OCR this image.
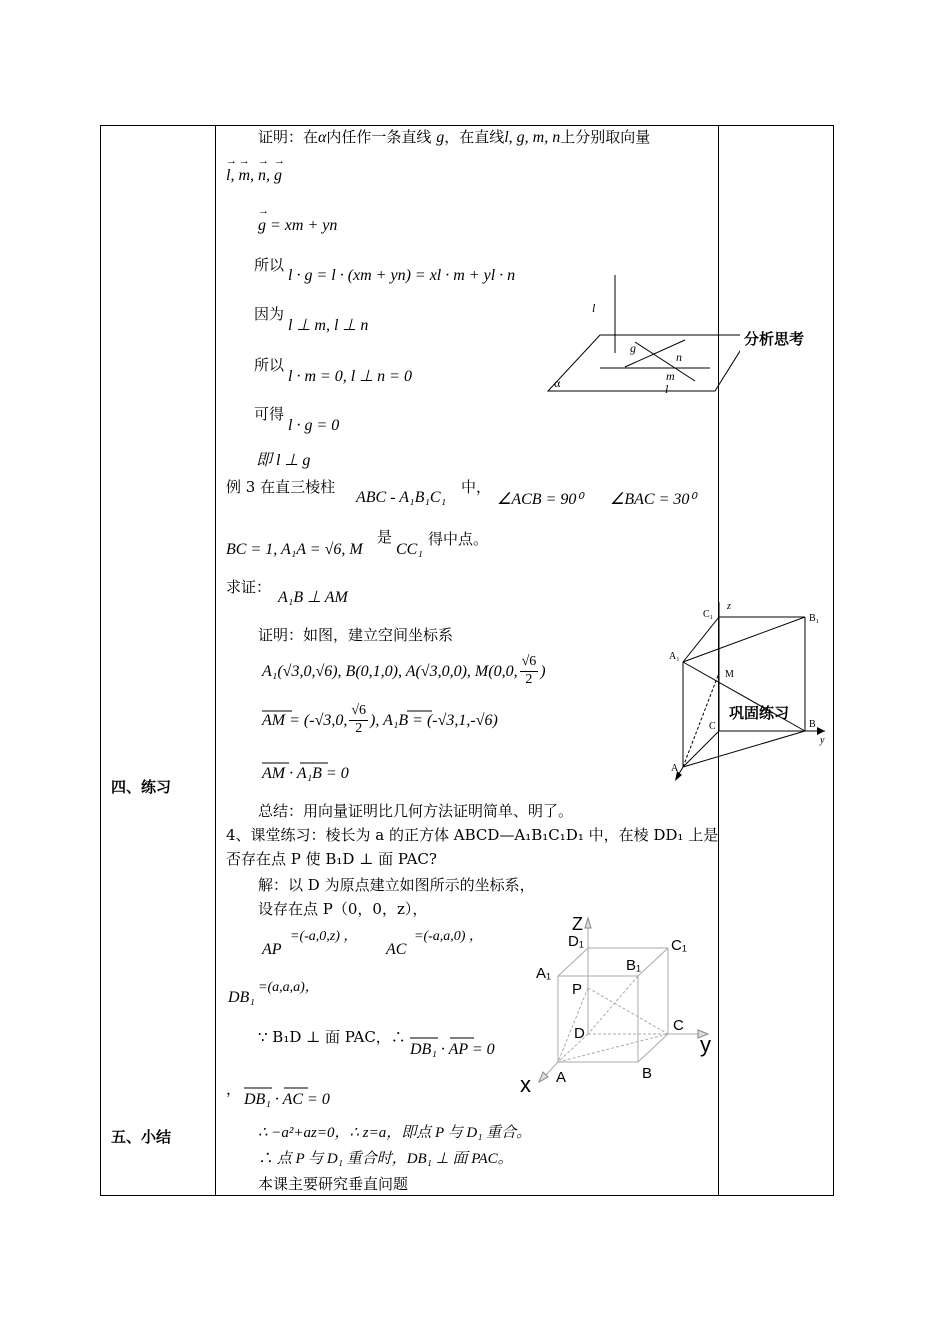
四、练习
五、小结
分析思考
巩固练习
证明：在α内任作一条直线 g，在直线l, g, m, n上分别取向量
→ l, → m, → n, → g
→ g = xm + yn
所以
l · g = l · (xm + yn) = xl · m + yl · n
因为
l ⊥ m, l ⊥ n
所以
l · m = 0, l ⊥ n = 0
可得
l · g = 0
即 l ⊥ g
l
g
n
m
α	l
例 3 在直三棱柱
ABC - A₁B₁C₁
中，
∠ACB = 90⁰ ∠BAC = 30⁰
BC = 1, A₁A = √6, M
是
CC₁
得中点。
求证：
A₁B ⊥ AM
证明：如图，建立空间坐标系
A₁(√3,0,√6), B(0,1,0), A(√3,0,0), M(0,0, $\frac{√6}{2}$ )
AM = (-√3,0, $\frac{√6}{2}$ ), A₁B = (-√3,1,-√6)
AM · A₁B = 0
总结：用向量证明比几何方法证明简单、明了。
C₁
z
B₁
A₁
M
C	B
y
A
4、课堂练习：棱长为 a 的正方体 ABCD—A₁B₁C₁D₁ 中，在棱 DD₁ 上是
否存在点 P 使 B₁D ⊥ 面 PAC?
解：以 D 为原点建立如图所示的坐标系，
设存在点 P（0，0，z），
AP
=(-a,0,z) ，
AC
=(-a,a,0) ，
DB₁
=(a,a,a)，
∵ B₁D ⊥ 面 PAC，∴
DB₁ · AP = 0
，
DB₁ · AC = 0
∴ −a²+az=0，∴ z=a，即点 P 与 D₁ 重合。
∴ 点 P 与 D₁ 重合时，DB₁ ⊥ 面 PAC。
本课主要研究垂直问题
Z
D₁	C₁
A₁	B₁
P
D	C
y
x A	B
